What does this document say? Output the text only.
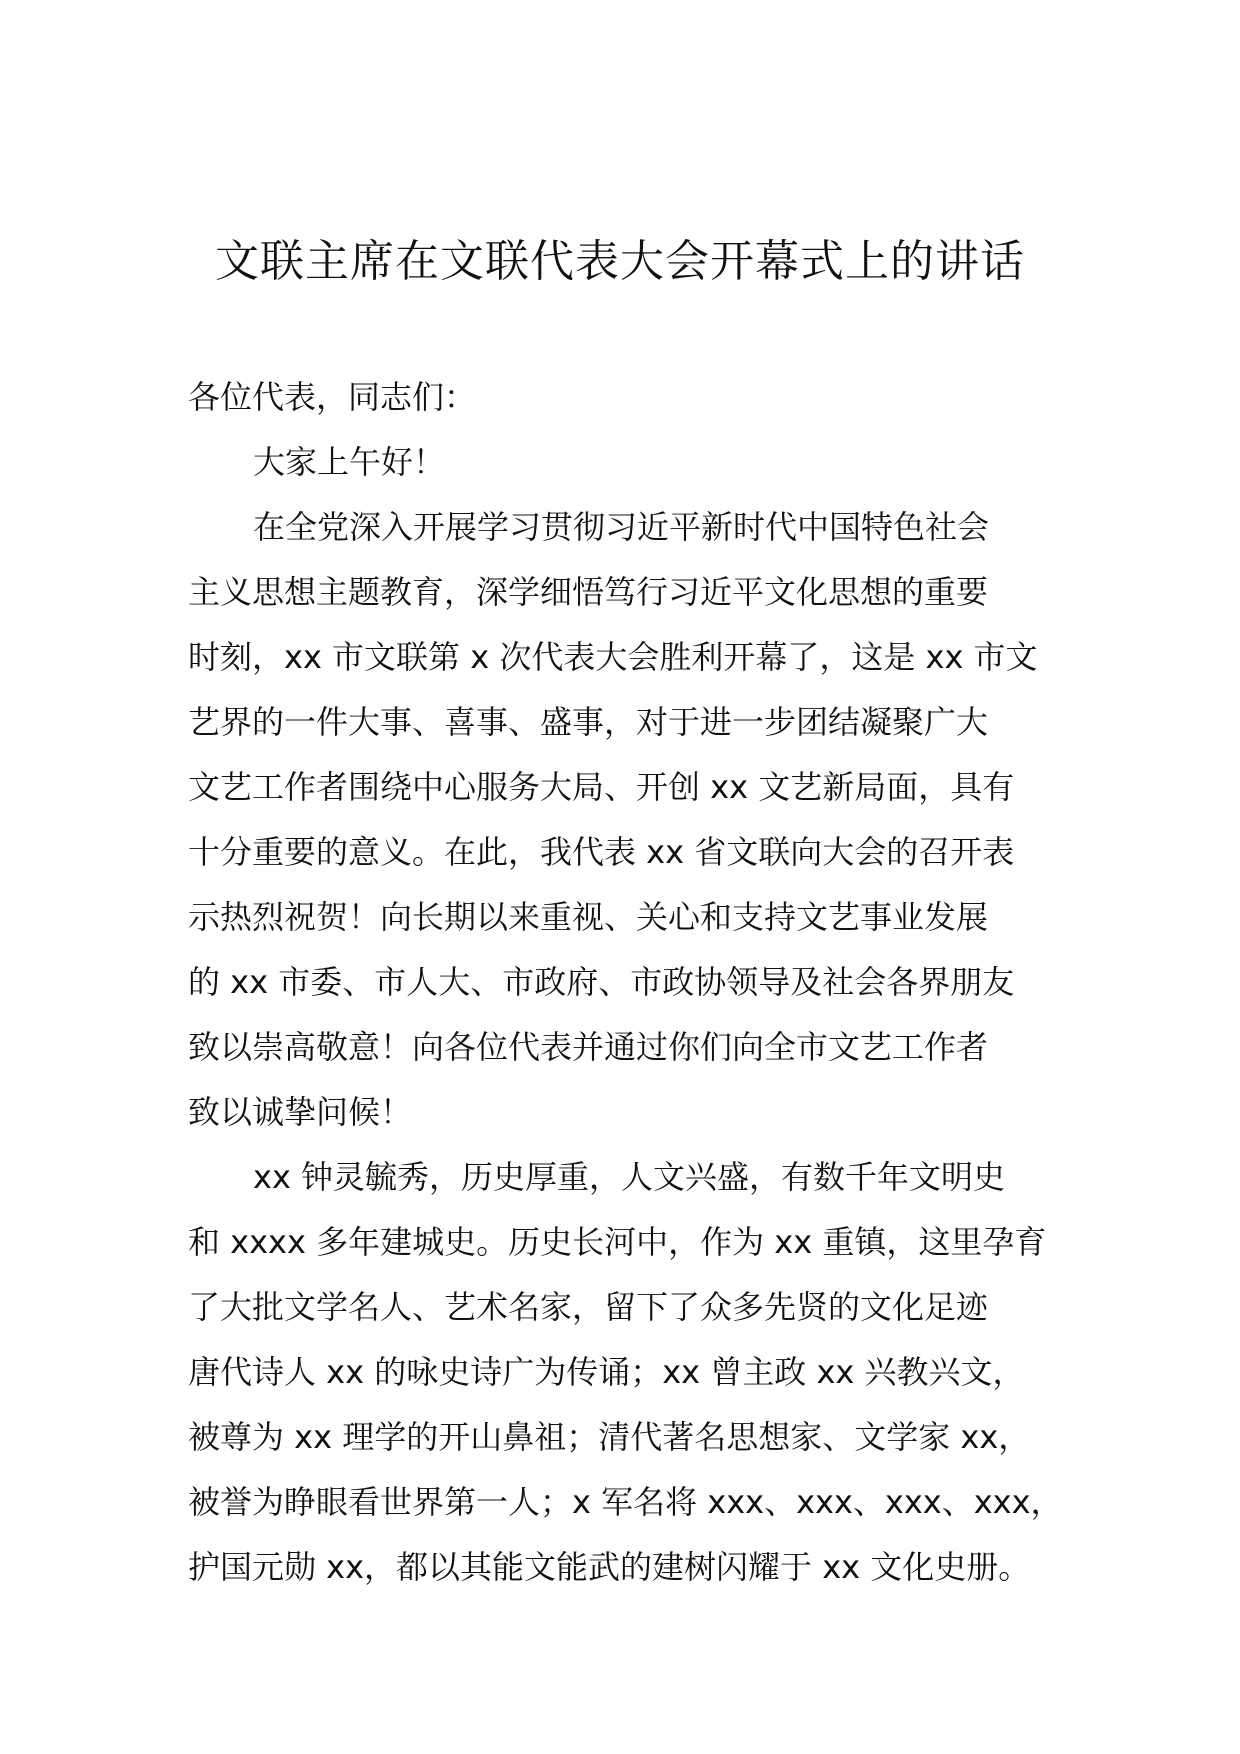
文联主席在文联代表大会开幕式上的讲话
各位代表，同志们：
大家上午好！
在全党深入开展学习贯彻习近平新时代中国特色社会
主义思想主题教育，深学细悟笃行习近平文化思想的重要
时刻，xx 市文联第 x 次代表大会胜利开幕了，这是 xx 市文
艺界的一件大事、喜事、盛事，对于进一步团结凝聚广大
文艺工作者围绕中心服务大局、开创 xx 文艺新局面，具有
十分重要的意义。在此，我代表 xx 省文联向大会的召开表
示热烈祝贺！向长期以来重视、关心和支持文艺事业发展
的 xx 市委、市人大、市政府、市政协领导及社会各界朋友
致以崇高敬意！向各位代表并通过你们向全市文艺工作者
致以诚挚问候！
xx 钟灵毓秀，历史厚重，人文兴盛，有数千年文明史
和 xxxx 多年建城史。历史长河中，作为 xx 重镇，这里孕育
了大批文学名人、艺术名家，留下了众多先贤的文化足迹
唐代诗人 xx 的咏史诗广为传诵；xx 曾主政 xx 兴教兴文，
被尊为 xx 理学的开山鼻祖；清代著名思想家、文学家 xx，
被誉为睁眼看世界第一人；x 军名将 xxx、xxx、xxx、xxx，
护国元勋 xx，都以其能文能武的建树闪耀于 xx 文化史册。
